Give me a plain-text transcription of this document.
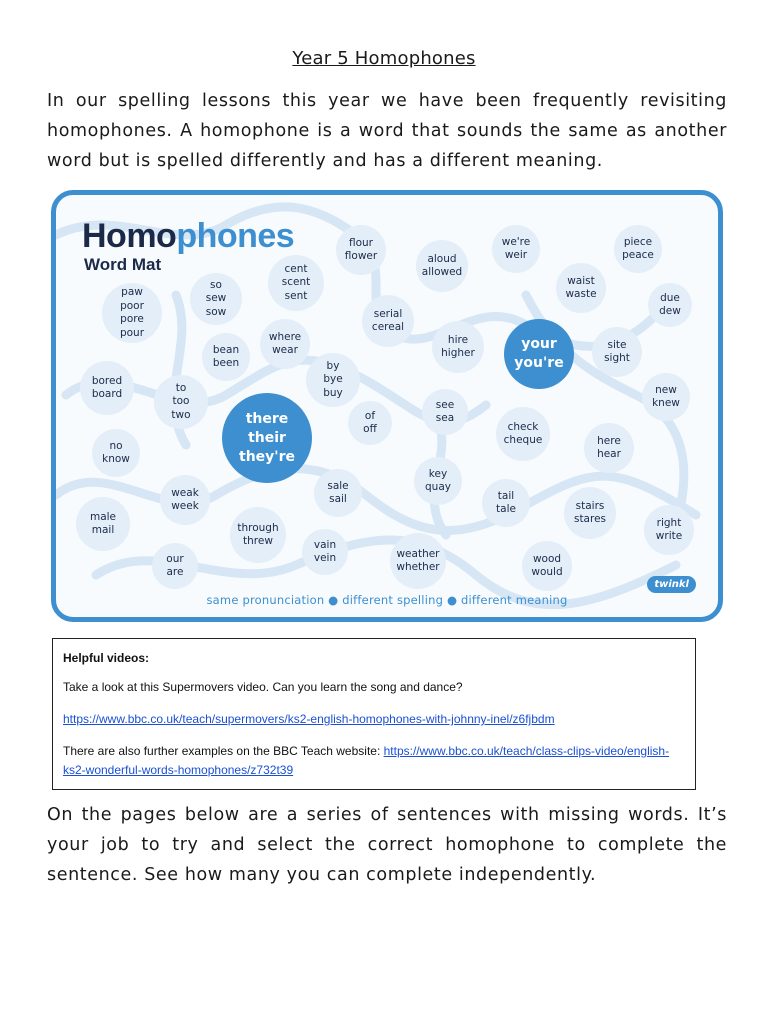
Year 5 Homophones

In our spelling lessons this year we have been frequently revisiting homophones. A homophone is a word that sounds the same as another word but is spelled differently and has a different meaning.

Homophones
Word Mat
flour
flower	aloud
allowed
we're
weir
piece
peace
cent
scent
sent
so
sew
sow
paw
poor
pore
pour
waist
waste	due
dew
serial
cereal
where
wear
bean
been
hire
higher
site
sight
your
you're
by
bye
buy
bored
board
to
too
two
new
knew
see
sea
of
off
there
their
they're
check
cheque
no
know
here
hear
key
quay
sale
sail
weak
week
tail
tale
male
mail
stairs
stares	right
write
through
threw	vain
vein
our
are
weather
whether
wood
would
twinkl
same pronunciation ● different spelling ● different meaning
Helpful videos:
Take a look at this Supermovers video. Can you learn the song and dance?
https://www.bbc.co.uk/teach/supermovers/ks2-english-homophones-with-johnny-inel/z6fjbdm
There are also further examples on the BBC Teach website: https://www.bbc.co.uk/teach/class-clips-video/english-ks2-wonderful-words-homophones/z732t39

On the pages below are a series of sentences with missing words. It’s your job to try and select the correct homophone to complete the sentence. See how many you can complete independently.
